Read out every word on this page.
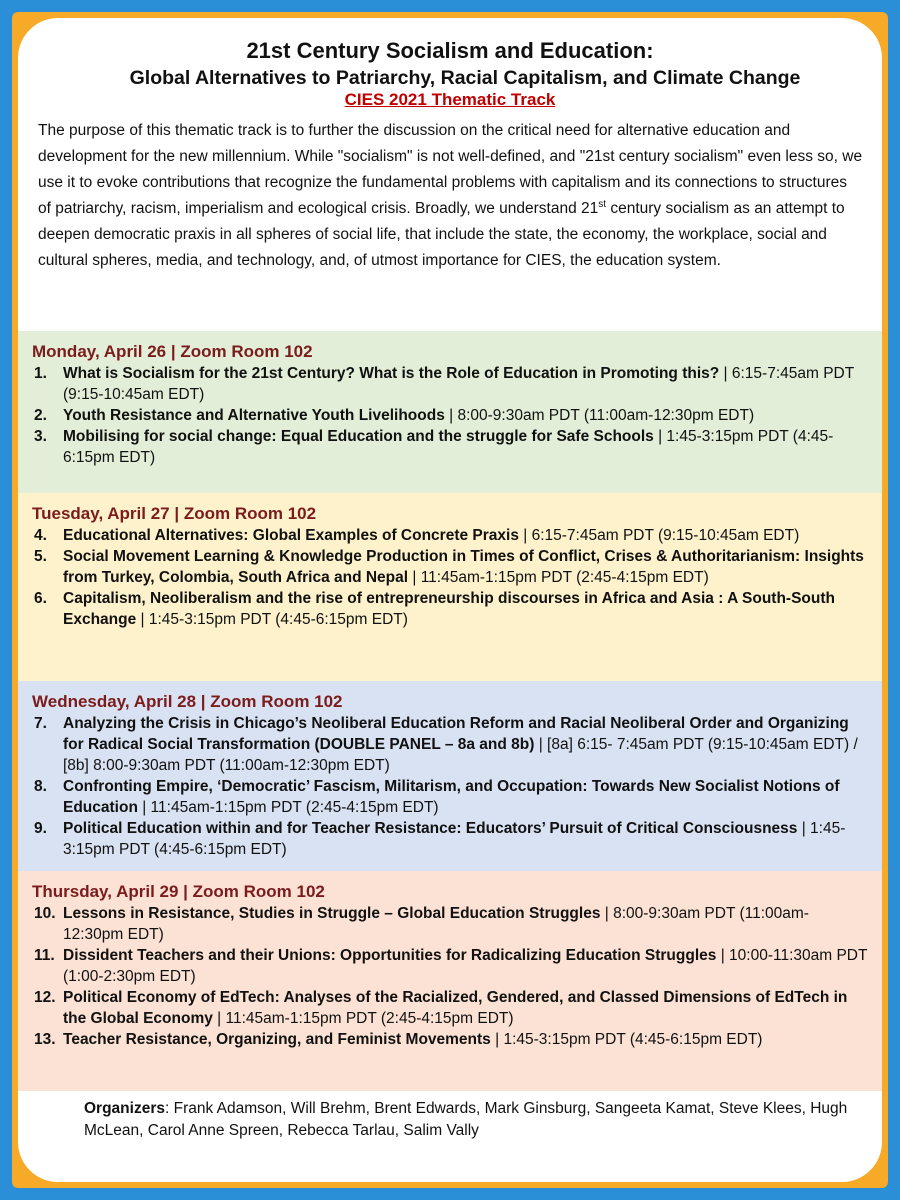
21st Century Socialism and Education:
Global Alternatives to Patriarchy, Racial Capitalism, and Climate Change
CIES 2021 Thematic Track

The purpose of this thematic track is to further the discussion on the critical need for alternative education and development for the new millennium. While "socialism" is not well-defined, and "21st century socialism" even less so, we use it to evoke contributions that recognize the fundamental problems with capitalism and its connections to structures of patriarchy, racism, imperialism and ecological crisis. Broadly, we understand 21st century socialism as an attempt to deepen democratic praxis in all spheres of social life, that include the state, the economy, the workplace, social and cultural spheres, media, and technology, and, of utmost importance for CIES, the education system.

Monday, April 26 | Zoom Room 102
1. What is Socialism for the 21st Century? What is the Role of Education in Promoting this? | 6:15-7:45am PDT (9:15-10:45am EDT)
2. Youth Resistance and Alternative Youth Livelihoods | 8:00-9:30am PDT (11:00am-12:30pm EDT)
3. Mobilising for social change: Equal Education and the struggle for Safe Schools | 1:45-3:15pm PDT (4:45-6:15pm EDT)
Tuesday, April 27 | Zoom Room 102
4. Educational Alternatives: Global Examples of Concrete Praxis | 6:15-7:45am PDT (9:15-10:45am EDT)
5. Social Movement Learning & Knowledge Production in Times of Conflict, Crises & Authoritarianism: Insights from Turkey, Colombia, South Africa and Nepal | 11:45am-1:15pm PDT (2:45-4:15pm EDT)
6. Capitalism, Neoliberalism and the rise of entrepreneurship discourses in Africa and Asia : A South-South Exchange | 1:45-3:15pm PDT (4:45-6:15pm EDT)
Wednesday, April 28 | Zoom Room 102
7. Analyzing the Crisis in Chicago’s Neoliberal Education Reform and Racial Neoliberal Order and Organizing for Radical Social Transformation (DOUBLE PANEL – 8a and 8b) | [8a] 6:15- 7:45am PDT (9:15-10:45am EDT) / [8b] 8:00-9:30am PDT (11:00am-12:30pm EDT)
8. Confronting Empire, ‘Democratic’ Fascism, Militarism, and Occupation: Towards New Socialist Notions of Education | 11:45am-1:15pm PDT (2:45-4:15pm EDT)
9. Political Education within and for Teacher Resistance: Educators’ Pursuit of Critical Consciousness | 1:45-3:15pm PDT (4:45-6:15pm EDT)
Thursday, April 29 | Zoom Room 102
10. Lessons in Resistance, Studies in Struggle – Global Education Struggles | 8:00-9:30am PDT (11:00am-12:30pm EDT)
11. Dissident Teachers and their Unions: Opportunities for Radicalizing Education Struggles | 10:00-11:30am PDT (1:00-2:30pm EDT)
12. Political Economy of EdTech: Analyses of the Racialized, Gendered, and Classed Dimensions of EdTech in the Global Economy | 11:45am-1:15pm PDT (2:45-4:15pm EDT)
13. Teacher Resistance, Organizing, and Feminist Movements | 1:45-3:15pm PDT (4:45-6:15pm EDT)
Organizers: Frank Adamson, Will Brehm, Brent Edwards, Mark Ginsburg, Sangeeta Kamat, Steve Klees, Hugh McLean, Carol Anne Spreen, Rebecca Tarlau, Salim Vally
